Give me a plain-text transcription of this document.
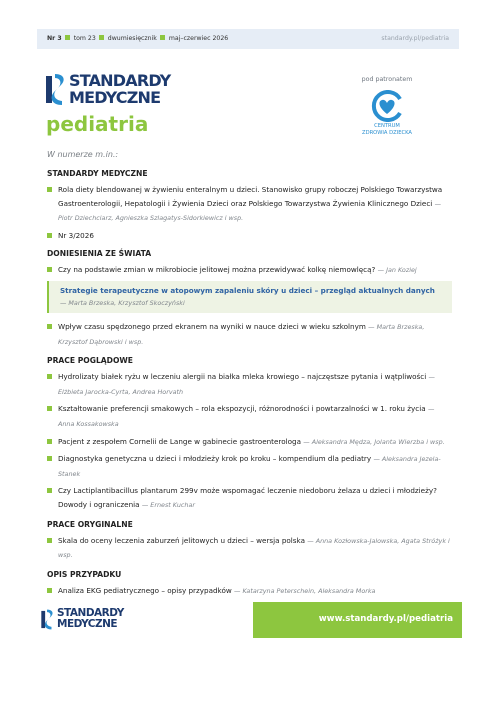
Nr 3 tom 23 dwumiesięcznik maj–czerwiec 2026	standardy.pl/pediatria
STANDARDY
MEDYCZNE
pediatria
pod patronatem
CENTRUM
ZDROWIA DZIECKA
W numerze m.in.:
STANDARDY MEDYCZNE
Rola diety blendowanej w żywieniu enteralnym u dzieci. Stanowisko grupy roboczej Polskiego Towarzystwa Gastroenterologii, Hepatologii i Żywienia Dzieci oraz Polskiego Towarzystwa Żywienia Klinicznego Dzieci — Piotr Dziechciarz, Agnieszka Szlagatys-Sidorkiewicz i wsp.
Nr 3/2026
DONIESIENIA ZE ŚWIATA
Czy na podstawie zmian w mikrobiocie jelitowej można przewidywać kolkę niemowlęcą? — Jan Koziej
Strategie terapeutyczne w atopowym zapaleniu skóry u dzieci – przegląd aktualnych danych
— Marta Brzeska, Krzysztof Skoczyński
Wpływ czasu spędzonego przed ekranem na wyniki w nauce dzieci w wieku szkolnym — Marta Brzeska, Krzysztof Dąbrowski i wsp.
PRACE POGLĄDOWE
Hydrolizaty białek ryżu w leczeniu alergii na białka mleka krowiego – najczęstsze pytania i wątpliwości — Elżbieta Jarocka-Cyrta, Andrea Horvath
Kształtowanie preferencji smakowych – rola ekspozycji, różnorodności i powtarzalności w 1. roku życia — Anna Kossakowska
Pacjent z zespołem Cornelii de Lange w gabinecie gastroenterologa — Aleksandra Mędza, Jolanta Wierzba i wsp.
Diagnostyka genetyczna u dzieci i młodzieży krok po kroku – kompendium dla pediatry — Aleksandra Jezela-Stanek
Czy Lactiplantibacillus plantarum 299v może wspomagać leczenie niedoboru żelaza u dzieci i młodzieży? Dowody i ograniczenia — Ernest Kuchar
PRACE ORYGINALNE
Skala do oceny leczenia zaburzeń jelitowych u dzieci – wersja polska — Anna Kozłowska-Jalowska, Agata Stróżyk i wsp.
OPIS PRZYPADKU
Analiza EKG pediatrycznego – opisy przypadków — Katarzyna Peterschein, Aleksandra Morka
STANDARDY
MEDYCZNE	www.standardy.pl/pediatria
